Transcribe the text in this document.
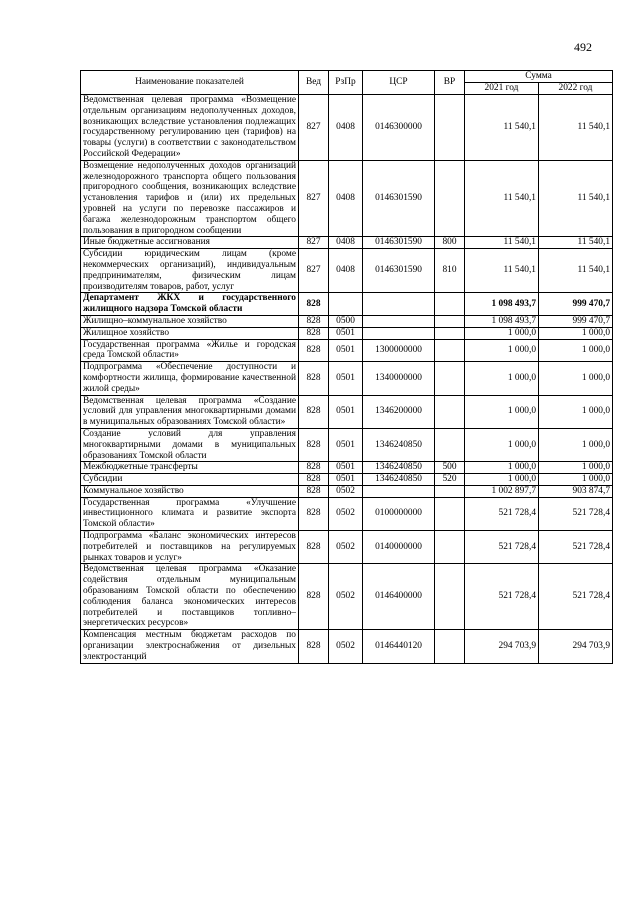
492
Наименование показателей	Вед	РзПр	ЦСР	ВР	Сумма	
					2021 год	2022 год
Ведомственная целевая программа «Возмещение отдельным организациям недополученных доходов, возникающих вследствие установления подлежащих государственному регулированию цен (тарифов) на товары (услуги) в соответствии с законодательством Российской Федерации»	827	0408	0146300000		11 540,1	11 540,1
Возмещение недополученных доходов организаций железнодорожного транспорта общего пользования пригородного сообщения, возникающих вследствие установления тарифов и (или) их предельных уровней на услуги по перевозке пассажиров и багажа железнодорожным транспортом общего пользования в пригородном сообщении	827	0408	0146301590		11 540,1	11 540,1
Иные бюджетные ассигнования	827	0408	0146301590	800	11 540,1	11 540,1
Субсидии юридическим лицам (кроме некоммерческих организаций), индивидуальным предпринимателям, физическим лицам производителям товаров, работ, услуг	827	0408	0146301590	810	11 540,1	11 540,1
Департамент ЖКХ и государственного жилищного надзора Томской области	828				1 098 493,7	999 470,7
Жилищно–коммунальное хозяйство	828	0500			1 098 493,7	999 470,7
Жилищное хозяйство	828	0501			1 000,0	1 000,0
Государственная программа «Жилье и городская среда Томской области»	828	0501	1300000000		1 000,0	1 000,0
Подпрограмма «Обеспечение доступности и комфортности жилища, формирование качественной жилой среды»	828	0501	1340000000		1 000,0	1 000,0
Ведомственная целевая программа «Создание условий для управления многоквартирными домами в муниципальных образованиях Томской области»	828	0501	1346200000		1 000,0	1 000,0
Создание условий для управления многоквартирными домами в муниципальных образованиях Томской области	828	0501	1346240850		1 000,0	1 000,0
Межбюджетные трансферты	828	0501	1346240850	500	1 000,0	1 000,0
Субсидии	828	0501	1346240850	520	1 000,0	1 000,0
Коммунальное хозяйство	828	0502			1 002 897,7	903 874,7
Государственная программа «Улучшение инвестиционного климата и развитие экспорта Томской области»	828	0502	0100000000		521 728,4	521 728,4
Подпрограмма «Баланс экономических интересов потребителей и поставщиков на регулируемых рынках товаров и услуг»	828	0502	0140000000		521 728,4	521 728,4
Ведомственная целевая программа «Оказание содействия отдельным муниципальным образованиям Томской области по обеспечению соблюдения баланса экономических интересов потребителей и поставщиков топливно–энергетических ресурсов»	828	0502	0146400000		521 728,4	521 728,4
Компенсация местным бюджетам расходов по организации электроснабжения от дизельных электростанций	828	0502	0146440120		294 703,9	294 703,9
